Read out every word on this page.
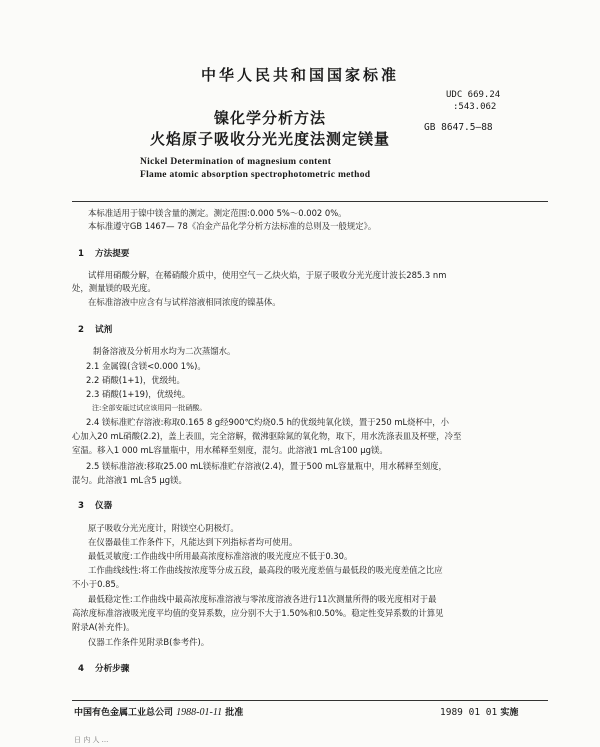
中华人民共和国国家标准
UDC 669.24
:543.062
GB 8647.5—88
镍化学分析方法
火焰原子吸收分光光度法测定镁量
Nickel Determination of magnesium content
Flame atomic absorption spectrophotometric method
本标准适用于镍中镁含量的测定。测定范围:0.000 5%～0.002 0%。
本标准遵守GB 1467— 78《冶金产品化学分析方法标准的总则及一般规定》。
1 方法提要
试样用硝酸分解，在稀硝酸介质中，使用空气－乙炔火焰，于原子吸收分光光度计波长285.3 nm
处，测量镁的吸光度。
在标准溶液中应含有与试样溶液相同浓度的镍基体。
2 试剂
制备溶液及分析用水均为二次蒸馏水。
2.1 金属镍(含镁<0.000 1%)。
2.2 硝酸(1+1)，优级纯。
2.3 硝酸(1+19)，优级纯。
注:全部安瓿过试应该用同一批硝酸。
2.4 镁标准贮存溶液:称取0.165 8 g经900℃灼烧0.5 h的优级纯氧化镁，置于250 mL烧杯中，小
心加入20 mL硝酸(2.2)，盖上表皿，完全溶解，微沸驱除氮的氧化物，取下，用水洗涤表皿及杯壁，冷至
室温。移入1 000 mL容量瓶中，用水稀释至刻度，混匀。此溶液1 mL含100 μg镁。
2.5 镁标准溶液:移取25.00 mL镁标准贮存溶液(2.4)，置于500 mL容量瓶中，用水稀释至刻度，
混匀。此溶液1 mL含5 μg镁。
3 仪器
原子吸收分光光度计，附镁空心阴极灯。
在仪器最佳工作条件下，凡能达到下列指标者均可使用。
最低灵敏度:工作曲线中所用最高浓度标准溶液的吸光度应不低于0.30。
工作曲线线性:将工作曲线按浓度等分成五段，最高段的吸光度差值与最低段的吸光度差值之比应
不小于0.85。
最低稳定性:工作曲线中最高浓度标准溶液与零浓度溶液各进行11次测量所得的吸光度相对于最
高浓度标准溶液吸光度平均值的变异系数，应分别不大于1.50%和0.50%。稳定性变异系数的计算见
附录A(补充件)。
仪器工作条件见附录B(参考件)。
4 分析步骤
中国有色金属工业总公司 1988-01-11 批准	1989 01 01 实施
日 内 人 ...
